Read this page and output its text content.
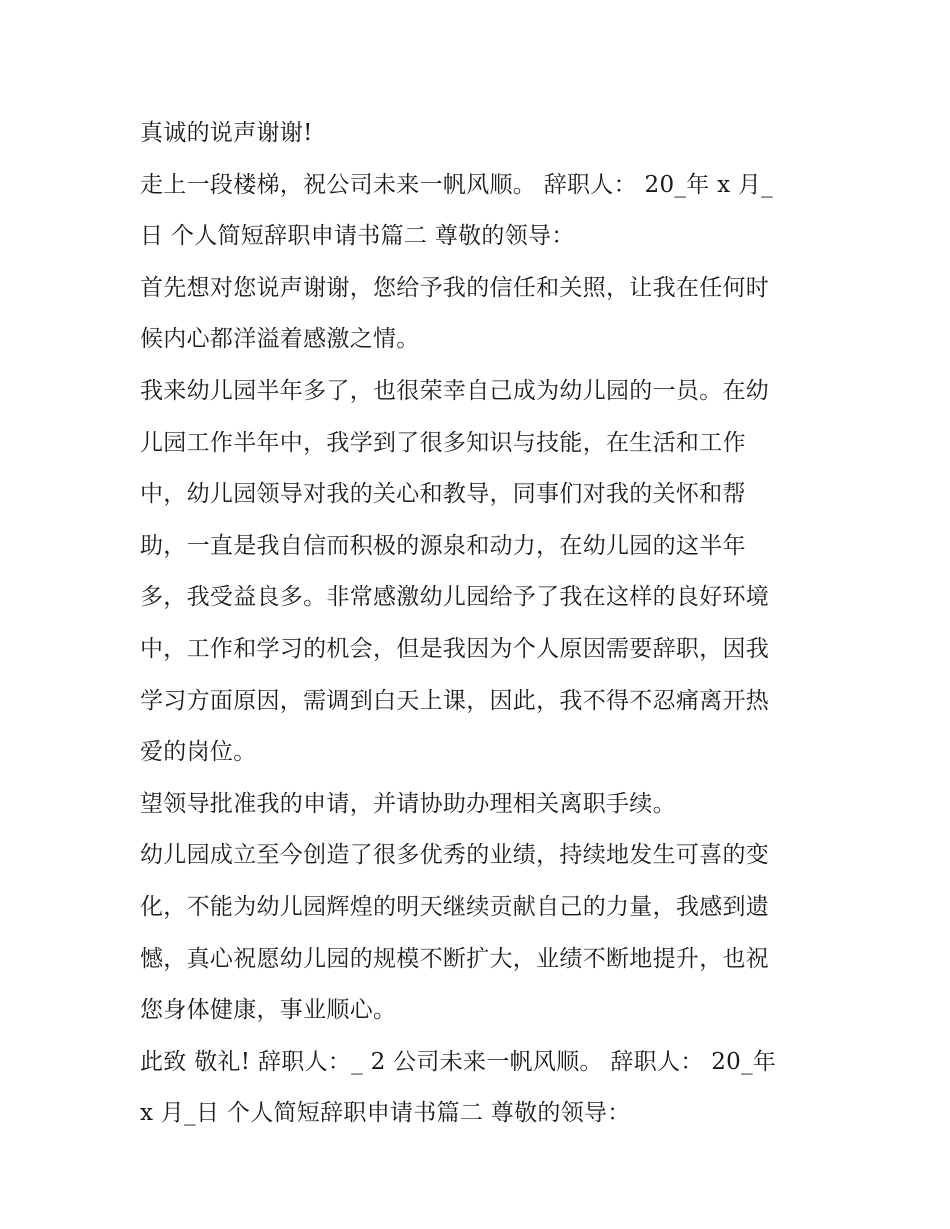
真诚的说声谢谢!
走上一段楼梯，祝公司未来一帆风顺。 辞职人： 20_年 x 月_
日 个人简短辞职申请书篇二 尊敬的领导：
首先想对您说声谢谢，您给予我的信任和关照，让我在任何时
候内心都洋溢着感激之情。
我来幼儿园半年多了，也很荣幸自己成为幼儿园的一员。在幼
儿园工作半年中，我学到了很多知识与技能，在生活和工作
中，幼儿园领导对我的关心和教导，同事们对我的关怀和帮
助，一直是我自信而积极的源泉和动力，在幼儿园的这半年
多，我受益良多。非常感激幼儿园给予了我在这样的良好环境
中，工作和学习的机会，但是我因为个人原因需要辞职，因我
学习方面原因，需调到白天上课，因此，我不得不忍痛离开热
爱的岗位。
望领导批准我的申请，并请协助办理相关离职手续。
幼儿园成立至今创造了很多优秀的业绩，持续地发生可喜的变
化，不能为幼儿园辉煌的明天继续贡献自己的力量，我感到遗
憾，真心祝愿幼儿园的规模不断扩大，业绩不断地提升，也祝
您身体健康，事业顺心。
此致 敬礼! 辞职人：_ 2 公司未来一帆风顺。 辞职人： 20_年
x 月_日 个人简短辞职申请书篇二 尊敬的领导：
